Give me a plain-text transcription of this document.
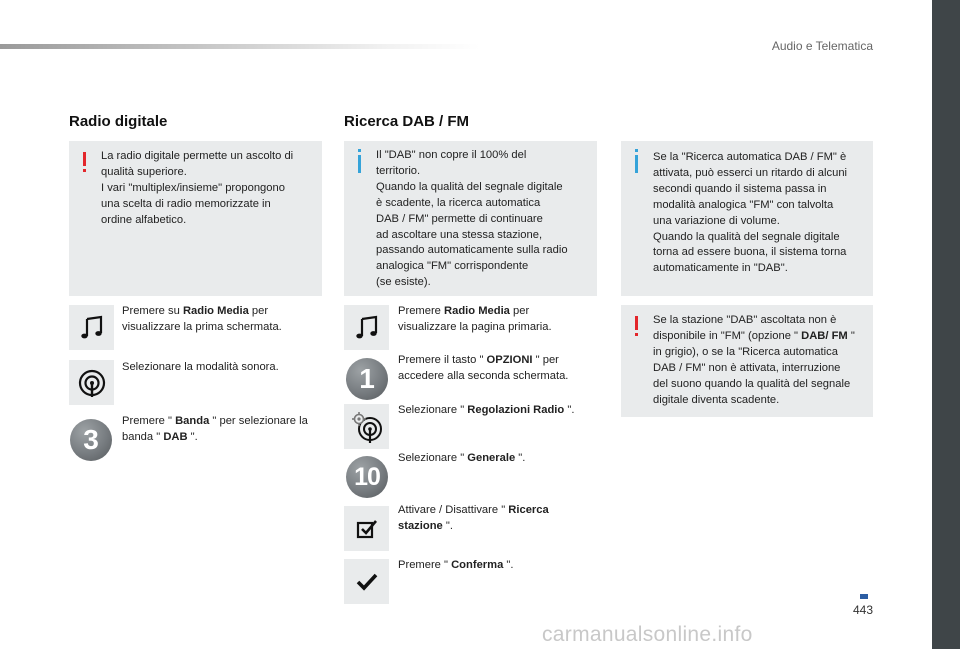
Audio e Telematica
Radio digitale
La radio digitale permette un ascolto di
qualità superiore.
I vari "multiplex/insieme" propongono
una scelta di radio memorizzate in
ordine alfabetico.
Premere su Radio Media per
visualizzare la prima schermata.
Selezionare la modalità sonora.
3
Premere " Banda " per selezionare la
banda " DAB ".
Ricerca DAB / FM
Il "DAB" non copre il 100% del
territorio.
Quando la qualità del segnale digitale
è scadente, la ricerca automatica
DAB / FM" permette di continuare
ad ascoltare una stessa stazione,
passando automaticamente sulla radio
analogica "FM" corrispondente
(se esiste).
Premere Radio Media per
visualizzare la pagina primaria.
1
Premere il tasto " OPZIONI " per
accedere alla seconda schermata.
Selezionare " Regolazioni Radio ".
10
Selezionare " Generale ".
Attivare / Disattivare " Ricerca
stazione ".
Premere " Conferma ".
Se la "Ricerca automatica DAB / FM" è
attivata, può esserci un ritardo di alcuni
secondi quando il sistema passa in
modalità analogica "FM" con talvolta
una variazione di volume.
Quando la qualità del segnale digitale
torna ad essere buona, il sistema torna
automaticamente in "DAB".
Se la stazione "DAB" ascoltata non è
disponibile in "FM" (opzione " DAB/ FM "
in grigio), o se la "Ricerca automatica
DAB / FM" non è attivata, interruzione
del suono quando la qualità del segnale
digitale diventa scadente.
443
carmanualsonline.info
